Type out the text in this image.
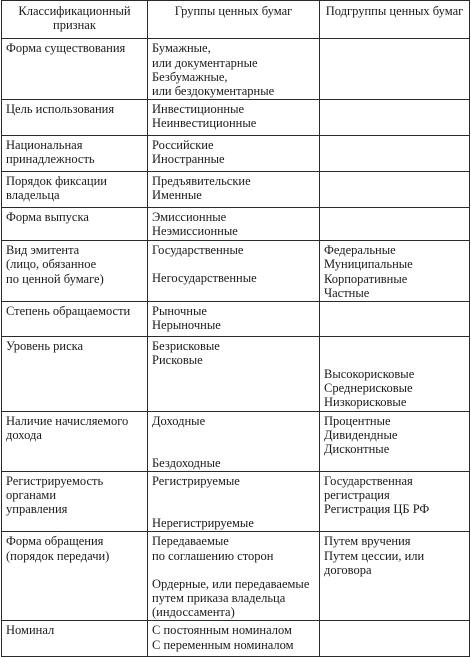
Классификационный признак	Группы ценных бумаг	Подгруппы ценных бумаг

Форма существования	Бумажные,
или документарные
Безбумажные,
или бездокументарные	

Цель использования	Инвестиционные
Неинвестиционные	

Национальная
принадлежность	Российские
Иностранные	

Порядок фиксации
владельца	Предъявительские
Именные	

Форма выпуска	Эмиссионные
Неэмиссионные	

Вид эмитента
(лицо, обязанное
по ценной бумаге)	Государственные
Негосударственные	Федеральные
Муниципальные
Корпоративные
Частные

Степень обращаемости	Рыночные
Нерыночные	

Уровень риска	Безрисковые
Рисковые	Высокорисковые
Среднерисковые
Низкорисковые

Наличие начисляемого
дохода	Доходные
Бездоходные	Процентные
Дивидендные
Дисконтные

Регистрируемость
органами
управления	Регистрируемые
Нерегистрируемые	Государственная
регистрация
Регистрация ЦБ РФ

Форма обращения
(порядок передачи)	Передаваемые
по соглашению сторон
Ордерные, или передаваемые
путем приказа владельца
(индоссамента)	Путем вручения
Путем цессии, или
договора

Номинал	С постоянным номиналом
С переменным номиналом	
